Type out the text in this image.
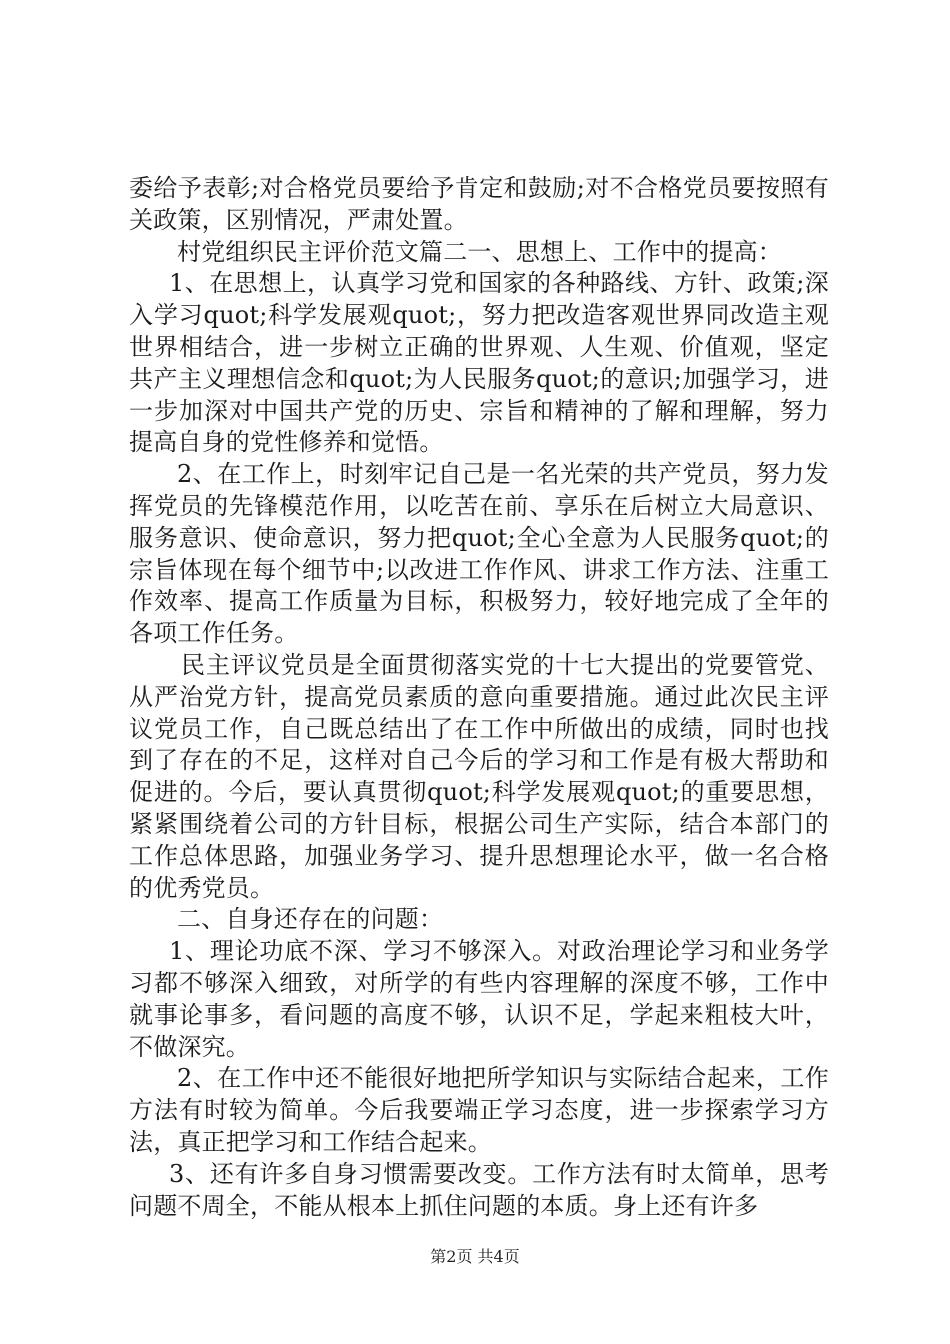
委给予表彰;对合格党员要给予肯定和鼓励;对不合格党员要按照有关政策，区别情况，严肃处置。

村党组织民主评价范文篇二一、思想上、工作中的提高：

1、在思想上，认真学习党和国家的各种路线、方针、政策;深入学习quot;科学发展观quot;，努力把改造客观世界同改造主观世界相结合，进一步树立正确的世界观、人生观、价值观，坚定共产主义理想信念和quot;为人民服务quot;的意识;加强学习，进一步加深对中国共产党的历史、宗旨和精神的了解和理解，努力提高自身的党性修养和觉悟。

2、在工作上，时刻牢记自己是一名光荣的共产党员，努力发挥党员的先锋模范作用，以吃苦在前、享乐在后树立大局意识、服务意识、使命意识，努力把quot;全心全意为人民服务quot;的宗旨体现在每个细节中;以改进工作作风、讲求工作方法、注重工作效率、提高工作质量为目标，积极努力，较好地完成了全年的各项工作任务。

民主评议党员是全面贯彻落实党的十七大提出的党要管党、从严治党方针，提高党员素质的意向重要措施。通过此次民主评议党员工作，自己既总结出了在工作中所做出的成绩，同时也找到了存在的不足，这样对自己今后的学习和工作是有极大帮助和促进的。今后，要认真贯彻quot;科学发展观quot;的重要思想，紧紧围绕着公司的方针目标，根据公司生产实际，结合本部门的工作总体思路，加强业务学习、提升思想理论水平，做一名合格的优秀党员。

二、自身还存在的问题：

1、理论功底不深、学习不够深入。对政治理论学习和业务学习都不够深入细致，对所学的有些内容理解的深度不够，工作中就事论事多，看问题的高度不够，认识不足，学起来粗枝大叶，不做深究。

2、在工作中还不能很好地把所学知识与实际结合起来，工作方法有时较为简单。今后我要端正学习态度，进一步探索学习方法，真正把学习和工作结合起来。

3、还有许多自身习惯需要改变。工作方法有时太简单，思考问题不周全，不能从根本上抓住问题的本质。身上还有许多

第2页 共4页
